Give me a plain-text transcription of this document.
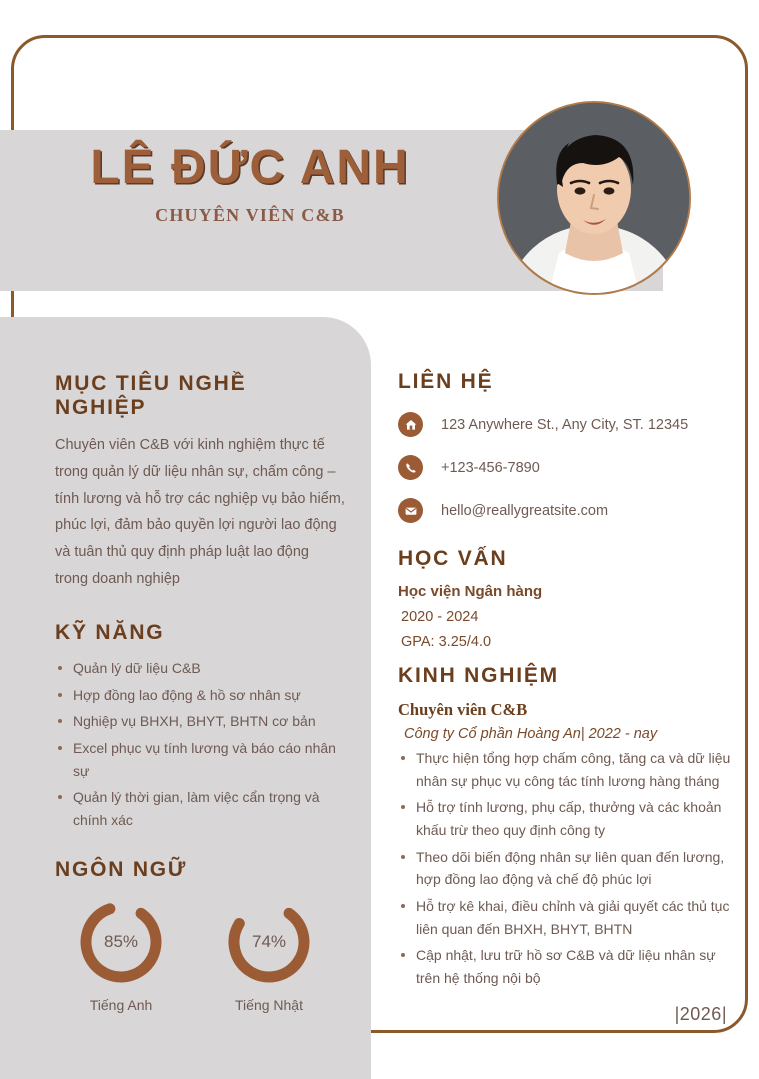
LÊ ĐỨC ANH
CHUYÊN VIÊN C&B
MỤC TIÊU NGHỀ NGHIỆP
Chuyên viên C&B với kinh nghiệm thực tế trong quản lý dữ liệu nhân sự, chấm công – tính lương và hỗ trợ các nghiệp vụ bảo hiểm, phúc lợi, đảm bảo quyền lợi người lao động và tuân thủ quy định pháp luật lao động trong doanh nghiệp
KỸ NĂNG
Quản lý dữ liệu C&B
Hợp đồng lao động & hồ sơ nhân sự
Nghiệp vụ BHXH, BHYT, BHTN cơ bản
Excel phục vụ tính lương và báo cáo nhân sự
Quản lý thời gian, làm việc cẩn trọng và chính xác
NGÔN NGỮ
85%
Tiếng Anh
74%
Tiếng Nhật
LIÊN HỆ
123 Anywhere St., Any City, ST. 12345
+123-456-7890
hello@reallygreatsite.com
HỌC VẤN
Học viện Ngân hàng
2020 - 2024
GPA: 3.25/4.0
KINH NGHIỆM
Chuyên viên C&B
Công ty Cổ phần Hoàng An| 2022 - nay
Thực hiện tổng hợp chấm công, tăng ca và dữ liệu nhân sự phục vụ công tác tính lương hàng tháng
Hỗ trợ tính lương, phụ cấp, thưởng và các khoản khấu trừ theo quy định công ty
Theo dõi biến động nhân sự liên quan đến lương, hợp đồng lao động và chế độ phúc lợi
Hỗ trợ kê khai, điều chỉnh và giải quyết các thủ tục liên quan đến BHXH, BHYT, BHTN
Cập nhật, lưu trữ hồ sơ C&B và dữ liệu nhân sự trên hệ thống nội bộ
|2026|
